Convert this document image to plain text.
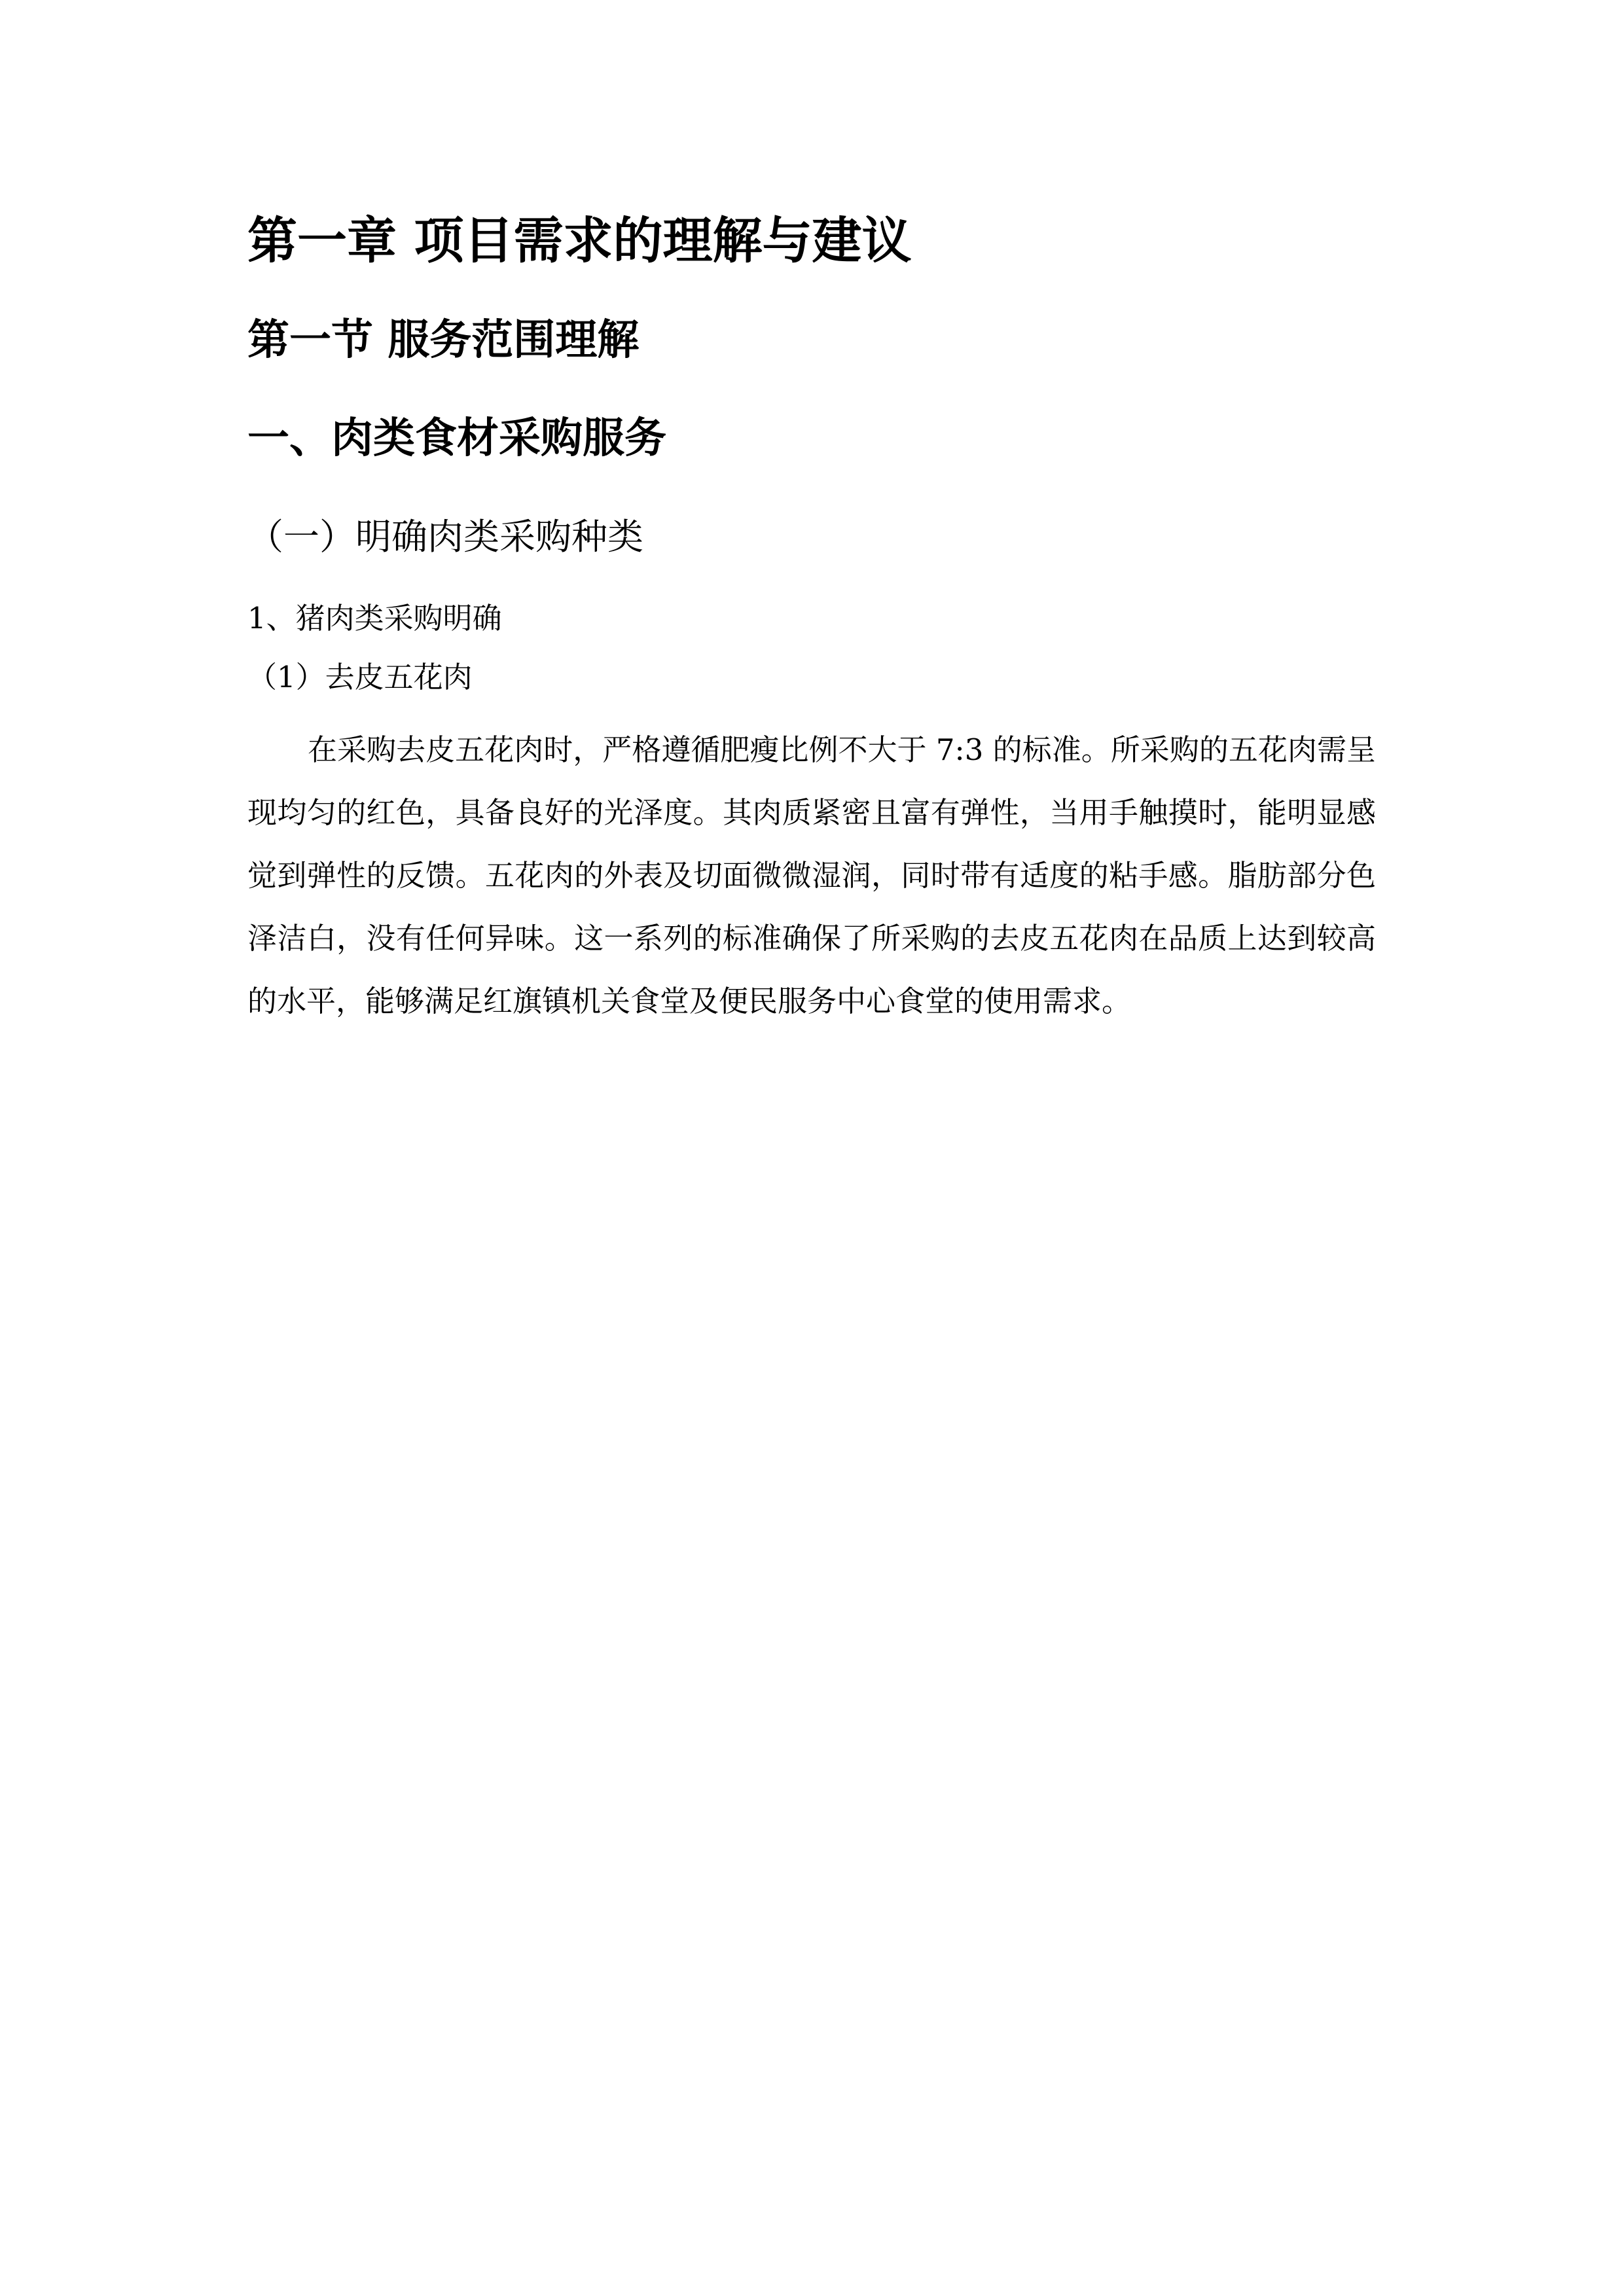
第一章 项目需求的理解与建议
第一节 服务范围理解
一、肉类食材采购服务
（一）明确肉类采购种类
1、猪肉类采购明确
（1）去皮五花肉

在采购去皮五花肉时，严格遵循肥瘦比例不大于 7:3 的标准。所采购的五花肉需呈现均匀的红色，具备良好的光泽度。其肉质紧密且富有弹性，当用手触摸时，能明显感觉到弹性的反馈。五花肉的外表及切面微微湿润，同时带有适度的粘手感。脂肪部分色泽洁白，没有任何异味。这一系列的标准确保了所采购的去皮五花肉在品质上达到较高的水平，能够满足红旗镇机关食堂及便民服务中心食堂的使用需求。
